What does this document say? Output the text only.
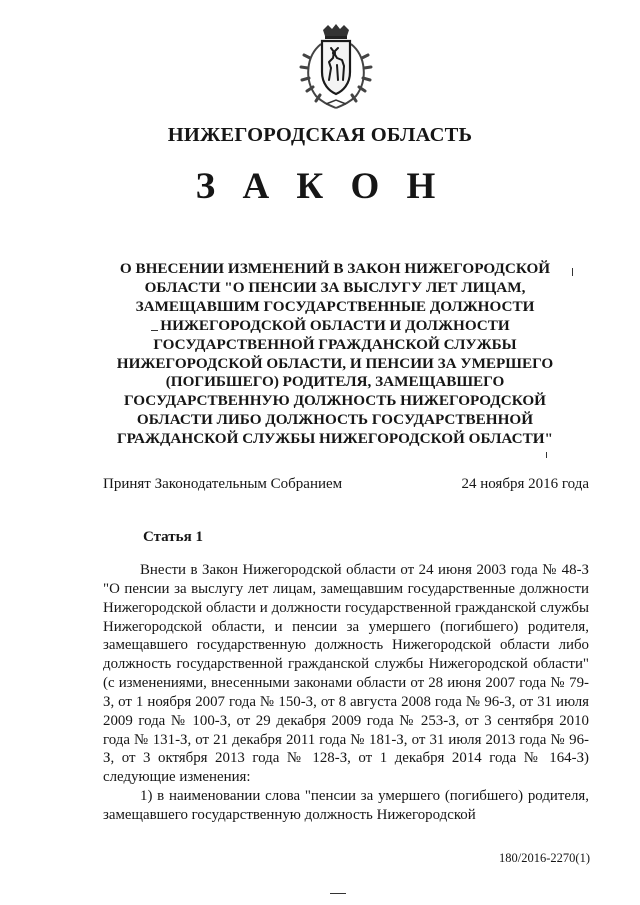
НИЖЕГОРОДСКАЯ ОБЛАСТЬ
З А К О Н
О ВНЕСЕНИИ ИЗМЕНЕНИЙ В ЗАКОН НИЖЕГОРОДСКОЙ
ОБЛАСТИ "О ПЕНСИИ ЗА ВЫСЛУГУ ЛЕТ ЛИЦАМ,
ЗАМЕЩАВШИМ ГОСУДАРСТВЕННЫЕ ДОЛЖНОСТИ
НИЖЕГОРОДСКОЙ ОБЛАСТИ И ДОЛЖНОСТИ
ГОСУДАРСТВЕННОЙ ГРАЖДАНСКОЙ СЛУЖБЫ
НИЖЕГОРОДСКОЙ ОБЛАСТИ, И ПЕНСИИ ЗА УМЕРШЕГО
(ПОГИБШЕГО) РОДИТЕЛЯ, ЗАМЕЩАВШЕГО
ГОСУДАРСТВЕННУЮ ДОЛЖНОСТЬ НИЖЕГОРОДСКОЙ
ОБЛАСТИ ЛИБО ДОЛЖНОСТЬ ГОСУДАРСТВЕННОЙ
ГРАЖДАНСКОЙ СЛУЖБЫ НИЖЕГОРОДСКОЙ ОБЛАСТИ"
Принят Законодательным Собранием	24 ноября 2016 года
Статья 1

Внести в Закон Нижегородской области от 24 июня 2003 года № 48-З "О пенсии за выслугу лет лицам, замещавшим государственные должности Нижегородской области и должности государственной гражданской службы Нижегородской области, и пенсии за умершего (погибшего) родителя, замещавшего государственную должность Нижегородской области либо должность государственной гражданской службы Нижегородской области" (с изменениями, внесенными законами области от 28 июня 2007 года № 79-З, от 1 ноября 2007 года № 150-З, от 8 августа 2008 года № 96-З, от 31 июля 2009 года № 100-З, от 29 декабря 2009 года № 253-З, от 3 сентября 2010 года № 131-З, от 21 декабря 2011 года № 181-З, от 31 июля 2013 года № 96-З, от 3 октября 2013 года № 128-З, от 1 декабря 2014 года № 164-З) следующие изменения:

1) в наименовании слова "пенсии за умершего (погибшего) родителя, замещавшего государственную должность Нижегородской

180/2016-2270(1)
